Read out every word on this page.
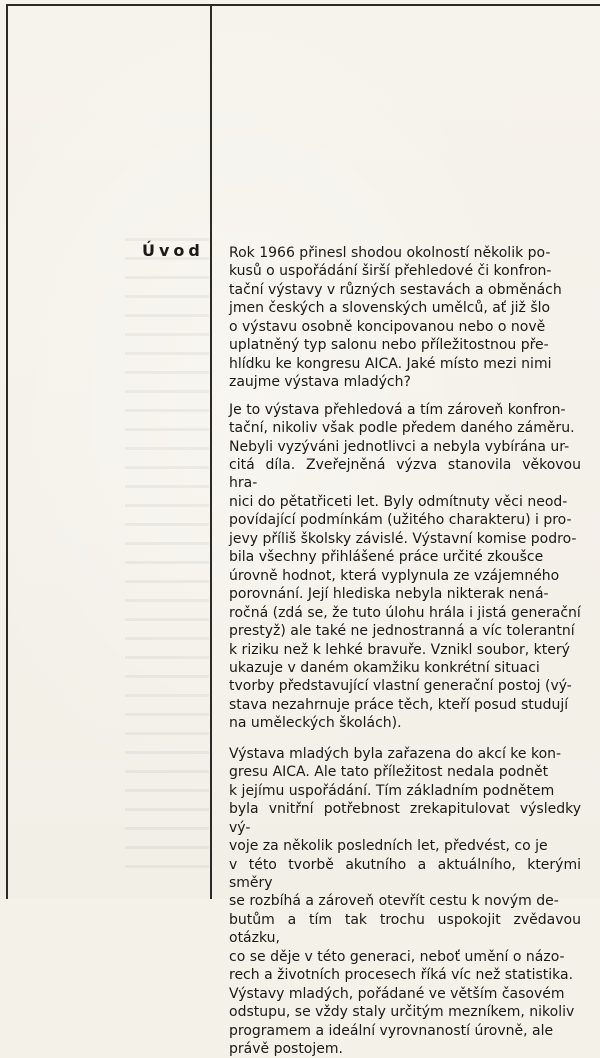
Úvod Rok 1966 přinesl shodou okolností několik po-
kusů o uspořádání širší přehledové či konfron-
tační výstavy v různých sestavách a obměnách
jmen českých a slovenských umělců, ať již šlo
o výstavu osobně koncipovanou nebo o nově
uplatněný typ salonu nebo příležitostnou pře-
hlídku ke kongresu AICA. Jaké místo mezi nimi
zaujme výstava mladých?

Je to výstava přehledová a tím zároveň konfron-
tační, nikoliv však podle předem daného záměru.
Nebyli vyzýváni jednotlivci a nebyla vybírána ur-
citá díla. Zveřejněná výzva stanovila věkovou hra-
nici do pětatřiceti let. Byly odmítnuty věci neod-
povídající podmínkám (užitého charakteru) i pro-
jevy příliš školsky závislé. Výstavní komise podro-
bila všechny přihlášené práce určité zkoušce
úrovně hodnot, která vyplynula ze vzájemného
porovnání. Její hlediska nebyla nikterak nená-
ročná (zdá se, že tuto úlohu hrála i jistá generační
prestyž) ale také ne jednostranná a víc tolerantní
k riziku než k lehké bravuře. Vznikl soubor, který
ukazuje v daném okamžiku konkrétní situaci
tvorby představující vlastní generační postoj (vý-
stava nezahrnuje práce těch, kteří posud studují
na uměleckých školách).

Výstava mladých byla zařazena do akcí ke kon-
gresu AICA. Ale tato příležitost nedala podnět
k jejímu uspořádání. Tím základním podnětem
byla vnitřní potřebnost zrekapitulovat výsledky vý-
voje za několik posledních let, předvést, co je
v této tvorbě akutního a aktuálního, kterými směry
se rozbíhá a zároveň otevřít cestu k novým de-
butům a tím tak trochu uspokojit zvědavou otázku,
co se děje v této generaci, neboť umění o názo-
rech a životních procesech říká víc než statistika.
Výstavy mladých, pořádané ve větším časovém
odstupu, se vždy staly určitým mezníkem, nikoliv
programem a ideální vyrovnaností úrovně, ale
právě postojem.
